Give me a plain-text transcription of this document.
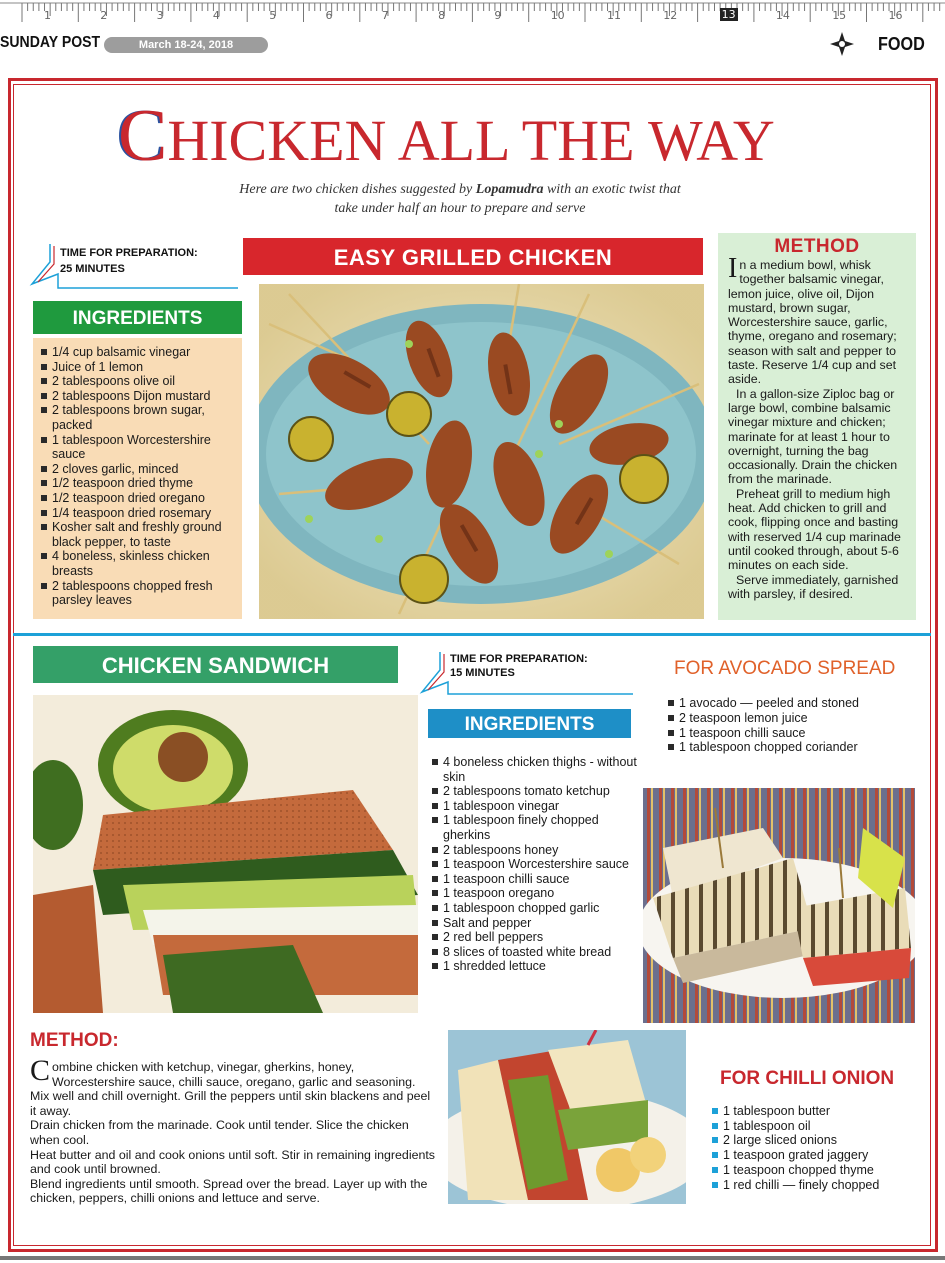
1	2	3	4	5	6	7	8	9	10	11	12	13	14	15	16
SUNDAY POST	March 18-24, 2018	FOOD
CHICKEN ALL THE WAY
Here are two chicken dishes suggested by Lopamudra with an exotic twist that
take under half an hour to prepare and serve
TIME FOR PREPARATION:
25 MINUTES	EASY GRILLED CHICKEN
INGREDIENTS
1/4 cup balsamic vinegar
Juice of 1 lemon
2 tablespoons olive oil
2 tablespoons Dijon mustard
2 tablespoons brown sugar, packed
1 tablespoon Worcestershire sauce
2 cloves garlic, minced
1/2 teaspoon dried thyme
1/2 teaspoon dried oregano
1/4 teaspoon dried rosemary
Kosher salt and freshly ground black pepper, to taste
4 boneless, skinless chicken breasts
2 tablespoons chopped fresh parsley leaves
METHOD

In a medium bowl, whisk together balsamic vinegar, lemon juice, olive oil, Dijon mustard, brown sugar, Worcestershire sauce, garlic, thyme, oregano and rosemary; season with salt and pepper to taste. Reserve 1/4 cup and set aside.

In a gallon-size Ziploc bag or large bowl, combine balsamic vinegar mixture and chicken; marinate for at least 1 hour to overnight, turning the bag occasionally. Drain the chicken from the marinade.

Preheat grill to medium high heat. Add chicken to grill and cook, flipping once and basting with reserved 1/4 cup marinade until cooked through, about 5-6 minutes on each side.

Serve immediately, garnished with parsley, if desired.

CHICKEN SANDWICH	TIME FOR PREPARATION:
15 MINUTES
INGREDIENTS
4 boneless chicken thighs - without skin
2 tablespoons tomato ketchup
1 tablespoon vinegar
1 tablespoon finely chopped gherkins
2 tablespoons honey
1 teaspoon Worcestershire sauce
1 teaspoon chilli sauce
1 teaspoon oregano
1 tablespoon chopped garlic
Salt and pepper
2 red bell peppers
8 slices of toasted white bread
1 shredded lettuce
FOR AVOCADO SPREAD
1 avocado — peeled and stoned
2 teaspoon lemon juice
1 teaspoon chilli sauce
1 tablespoon chopped coriander
FOR CHILLI ONION
1 tablespoon butter
1 tablespoon oil
2 large sliced onions
1 teaspoon grated jaggery
1 teaspoon chopped thyme
1 red chilli — finely chopped
METHOD:

Combine chicken with ketchup, vinegar, gherkins, honey, Worcestershire sauce, chilli sauce, oregano, garlic and seasoning. Mix well and chill overnight. Grill the peppers until skin blackens and peel it away.

Drain chicken from the marinade. Cook until tender. Slice the chicken when cool.

Heat butter and oil and cook onions until soft. Stir in remaining ingredients and cook until browned.

Blend ingredients until smooth. Spread over the bread. Layer up with the chicken, peppers, chilli onions and lettuce and serve.
